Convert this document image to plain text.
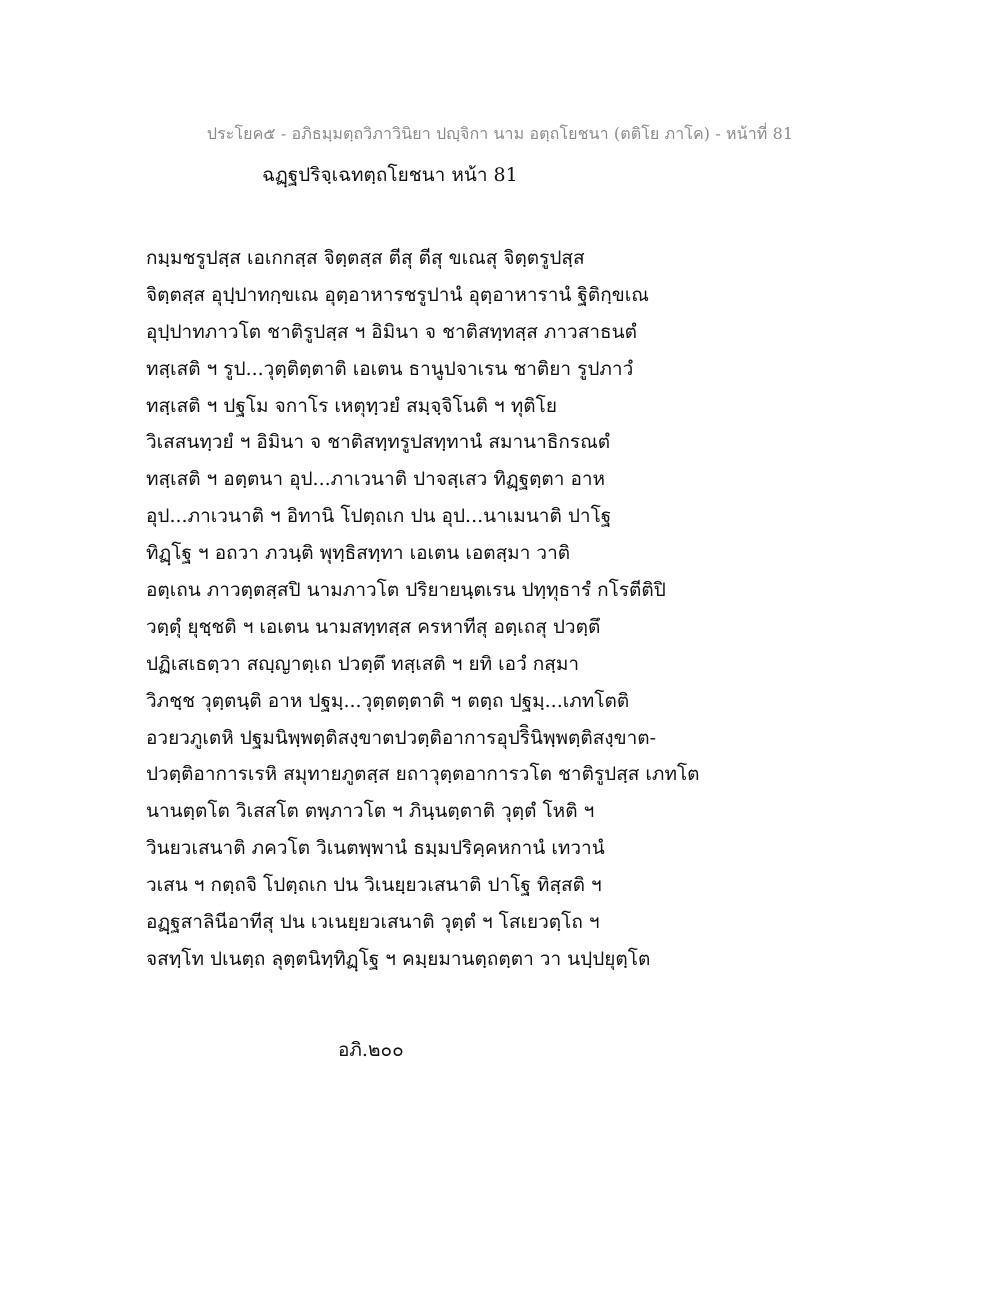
ประโยค๕ - อภิธมฺมตฺถวิภาวินิยา ปญฺจิกา นาม อตฺถโยชนา (ตติโย ภาโค) - หน้าที่ 81
ฉฏฺฐปริจฺเฉทตฺถโยชนา หน้า 81
กมฺมชรูปสฺส เอเกกสฺส จิตฺตสฺส ตีสุ ตีสุ ขเณสุ จิตฺตรูปสฺส
จิตฺตสฺส อุปฺปาทกฺขเณ อุตฺอาหารชรูปานํ อุตฺอาหารานํ ฐิติกฺขเณ
อุปฺปาทภาวโต ชาติรูปสฺส ฯ อิมินา จ ชาติสทฺทสฺส ภาวสาธนตํ
ทสฺเสติ ฯ รูป...วุตฺติตฺตาติ เอเตน ธานูปจาเรน ชาติยา รูปภาวํ
ทสฺเสติ ฯ ปฐโม จกาโร เหตุทฺวยํ สมฺจฺจิโนติ ฯ ทุติโย
วิเสสนทฺวยํ ฯ อิมินา จ ชาติสทฺทรูปสทฺทานํ สมานาธิกรณตํ
ทสฺเสติ ฯ อตฺตนา อุป...ภาเวนาติ ปาจสฺเสว ทิฏฺฐตฺตา อาห
อุป...ภาเวนาติ ฯ อิทานิ โปตฺถเก ปน อุป...นาเมนาติ ปาโฐ
ทิฏฺโฐ ฯ อถวา ภวนฺติ พุทฺธิสทฺทา เอเตน เอตสฺมา วาติ
อตฺเถน ภาวตฺตสฺสปิ นามภาวโต ปริยายนฺตเรน ปทฺทุธารํ กโรตีติปิ
วตฺตุํ ยุชฺชติ ฯ เอเตน นามสทฺทสฺส ครหาทีสุ อตฺเถสุ ปวตฺตึ
ปฏิเสเธตฺวา สญฺญาตฺเถ ปวตฺตึ ทสฺเสติ ฯ ยทิ เอวํ กสฺมา
วิภชฺช วุตฺตนฺติ อาห ปฐมฺ...วุตฺตตฺตาติ ฯ ตตฺถ ปฐมฺ...เภทโตติ
อวยวภูเตหิ ปฐมนิพฺพตฺติสงฺขาตปวตฺติอาการอุปริินิพฺพตฺติสงฺขาต-
ปวตฺติอาการเรหิ สมุทายภูตสฺส ยถาวุตฺตอาการวโต ชาติรูปสฺส เภทโต
นานตฺตโต วิเสสโต ตพฺภาวโต ฯ ภินฺนตฺตาติ วุตฺตํ โหติ ฯ
วินยวเสนาติ ภควโต วิเนตพฺพานํ ธมฺมปริคฺคหกานํ เทวานํ
วเสน ฯ กตฺถจิ โปตฺถเก ปน วิเนยฺยวเสนาติ ปาโฐ ทิสฺสติ ฯ
อฏฺฐสาลินีอาทีสุ ปน เวเนยฺยวเสนาติ วุตฺตํ ฯ โสเยวตฺโถ ฯ
จสทฺโท ปเนตฺถ ลุตฺตนิทฺทิฏฺโฐ ฯ คมฺยมานตฺถตฺตา วา นปฺปยุตฺโต
อภิ.๒๐๐
